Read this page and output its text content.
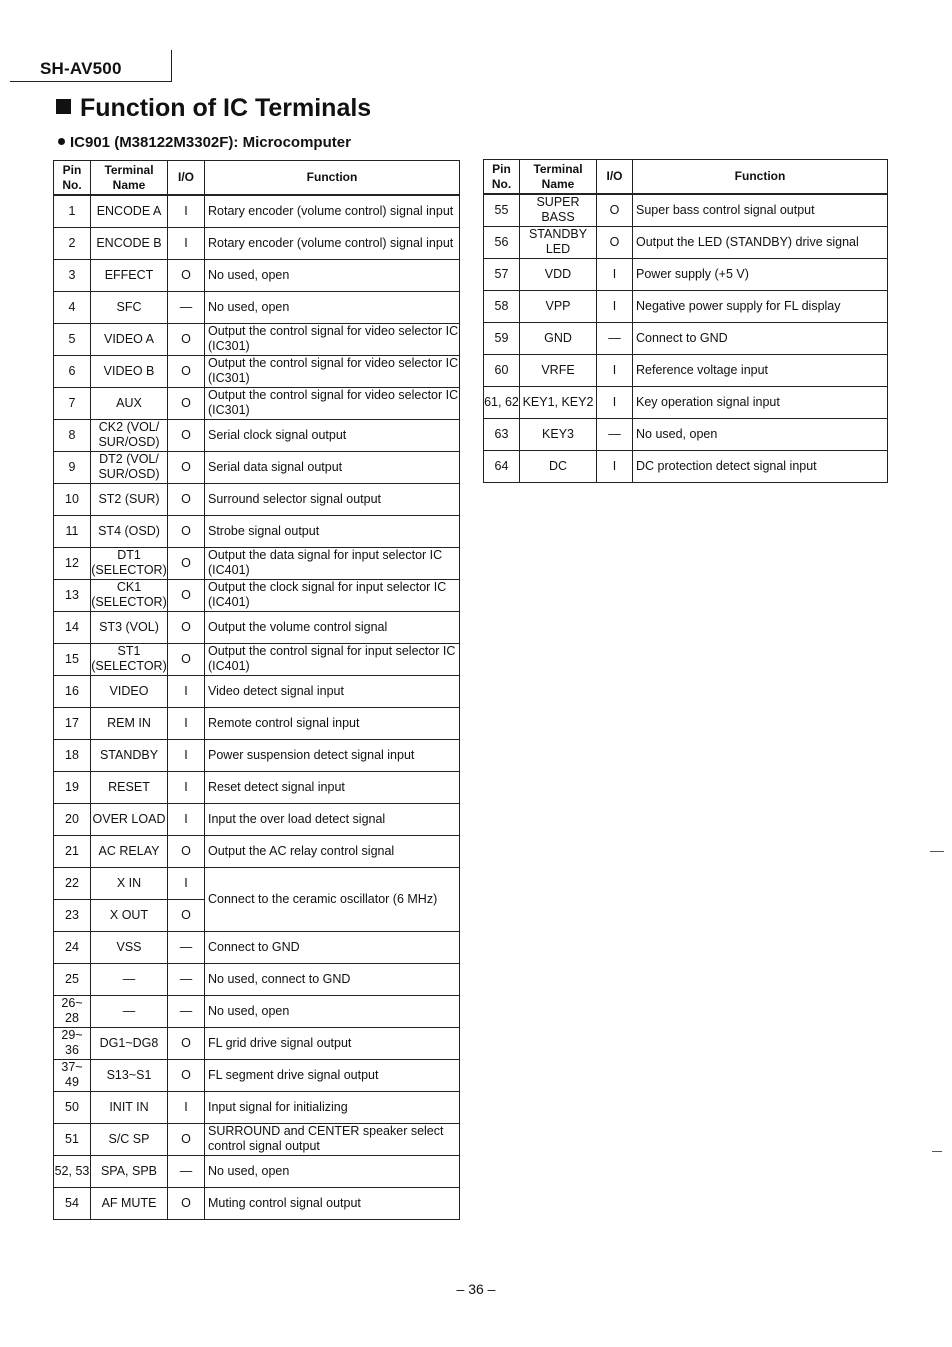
SH-AV500
Function of IC Terminals
IC901 (M38122M3302F): Microcomputer
Pin
No.	Terminal
Name	I/O	Function
1	ENCODE A	I	Rotary encoder (volume control) signal input
2	ENCODE B	I	Rotary encoder (volume control) signal input
3	EFFECT	O	No used, open
4	SFC	—	No used, open
5	VIDEO A	O	Output the control signal for video selector IC (IC301)
6	VIDEO B	O	Output the control signal for video selector IC (IC301)
7	AUX	O	Output the control signal for video selector IC (IC301)
8	CK2 (VOL/ SUR/OSD)	O	Serial clock signal output
9	DT2 (VOL/ SUR/OSD)	O	Serial data signal output
10	ST2 (SUR)	O	Surround selector signal output
11	ST4 (OSD)	O	Strobe signal output
12	DT1 (SELECTOR)	O	Output the data signal for input selector IC (IC401)
13	CK1 (SELECTOR)	O	Output the clock signal for input selector IC (IC401)
14	ST3 (VOL)	O	Output the volume control signal
15	ST1 (SELECTOR)	O	Output the control signal for input selector IC (IC401)
16	VIDEO	I	Video detect signal input
17	REM IN	I	Remote control signal input
18	STANDBY	I	Power suspension detect signal input
19	RESET	I	Reset detect signal input
20	OVER LOAD	I	Input the over load detect signal
21	AC RELAY	O	Output the AC relay control signal
22	X IN	I	Connect to the ceramic oscillator (6 MHz)
23	X OUT	O	
24	VSS	—	Connect to GND
25	—	—	No used, connect to GND
26~ 28	—	—	No used, open
29~ 36	DG1~DG8	O	FL grid drive signal output
37~ 49	S13~S1	O	FL segment drive signal output
50	INIT IN	I	Input signal for initializing
51	S/C SP	O	SURROUND and CENTER speaker select control signal output
52, 53	SPA, SPB	—	No used, open
54	AF MUTE	O	Muting control signal output
Pin
No.	Terminal
Name	I/O	Function
55	SUPER BASS	O	Super bass control signal output
56	STANDBY LED	O	Output the LED (STANDBY) drive signal
57	VDD	I	Power supply (+5 V)
58	VPP	I	Negative power supply for FL display
59	GND	—	Connect to GND
60	VRFE	I	Reference voltage input
61, 62	KEY1, KEY2	I	Key operation signal input
63	KEY3	—	No used, open
64	DC	I	DC protection detect signal input
– 36 –
